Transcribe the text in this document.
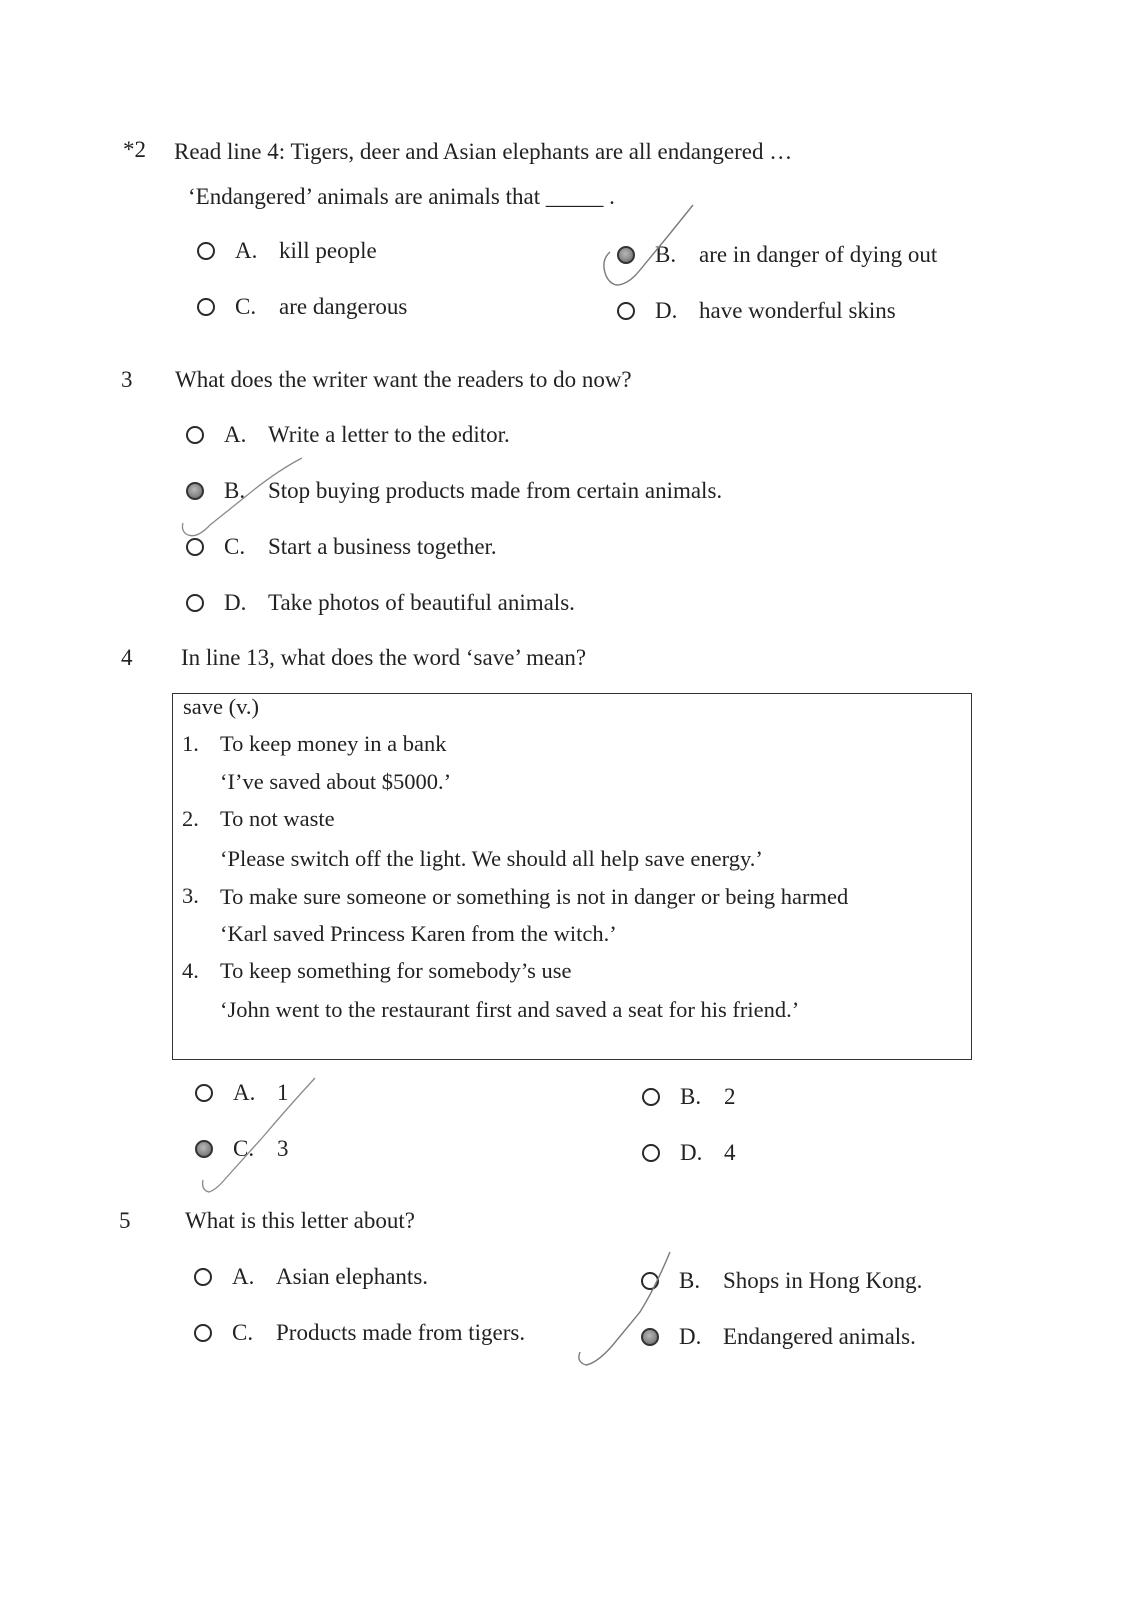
*2 Read line 4: Tigers, deer and Asian elephants are all endangered …
‘Endangered’ animals are animals that _____ .
A. kill people	B. are in danger of dying out
C. are dangerous	D. have wonderful skins
3 What does the writer want the readers to do now?
A. Write a letter to the editor.
B. Stop buying products made from certain animals.
C. Start a business together.
D. Take photos of beautiful animals.
4 In line 13, what does the word ‘save’ mean?
save (v.)
1. To keep money in a bank
‘I’ve saved about $5000.’
2. To not waste
‘Please switch off the light. We should all help save energy.’
3. To make sure someone or something is not in danger or being harmed
‘Karl saved Princess Karen from the witch.’
4. To keep something for somebody’s use
‘John went to the restaurant first and saved a seat for his friend.’
A. 1	B. 2
C. 3	D. 4
5 What is this letter about?
A. Asian elephants.	B. Shops in Hong Kong.
C. Products made from tigers.	D. Endangered animals.
